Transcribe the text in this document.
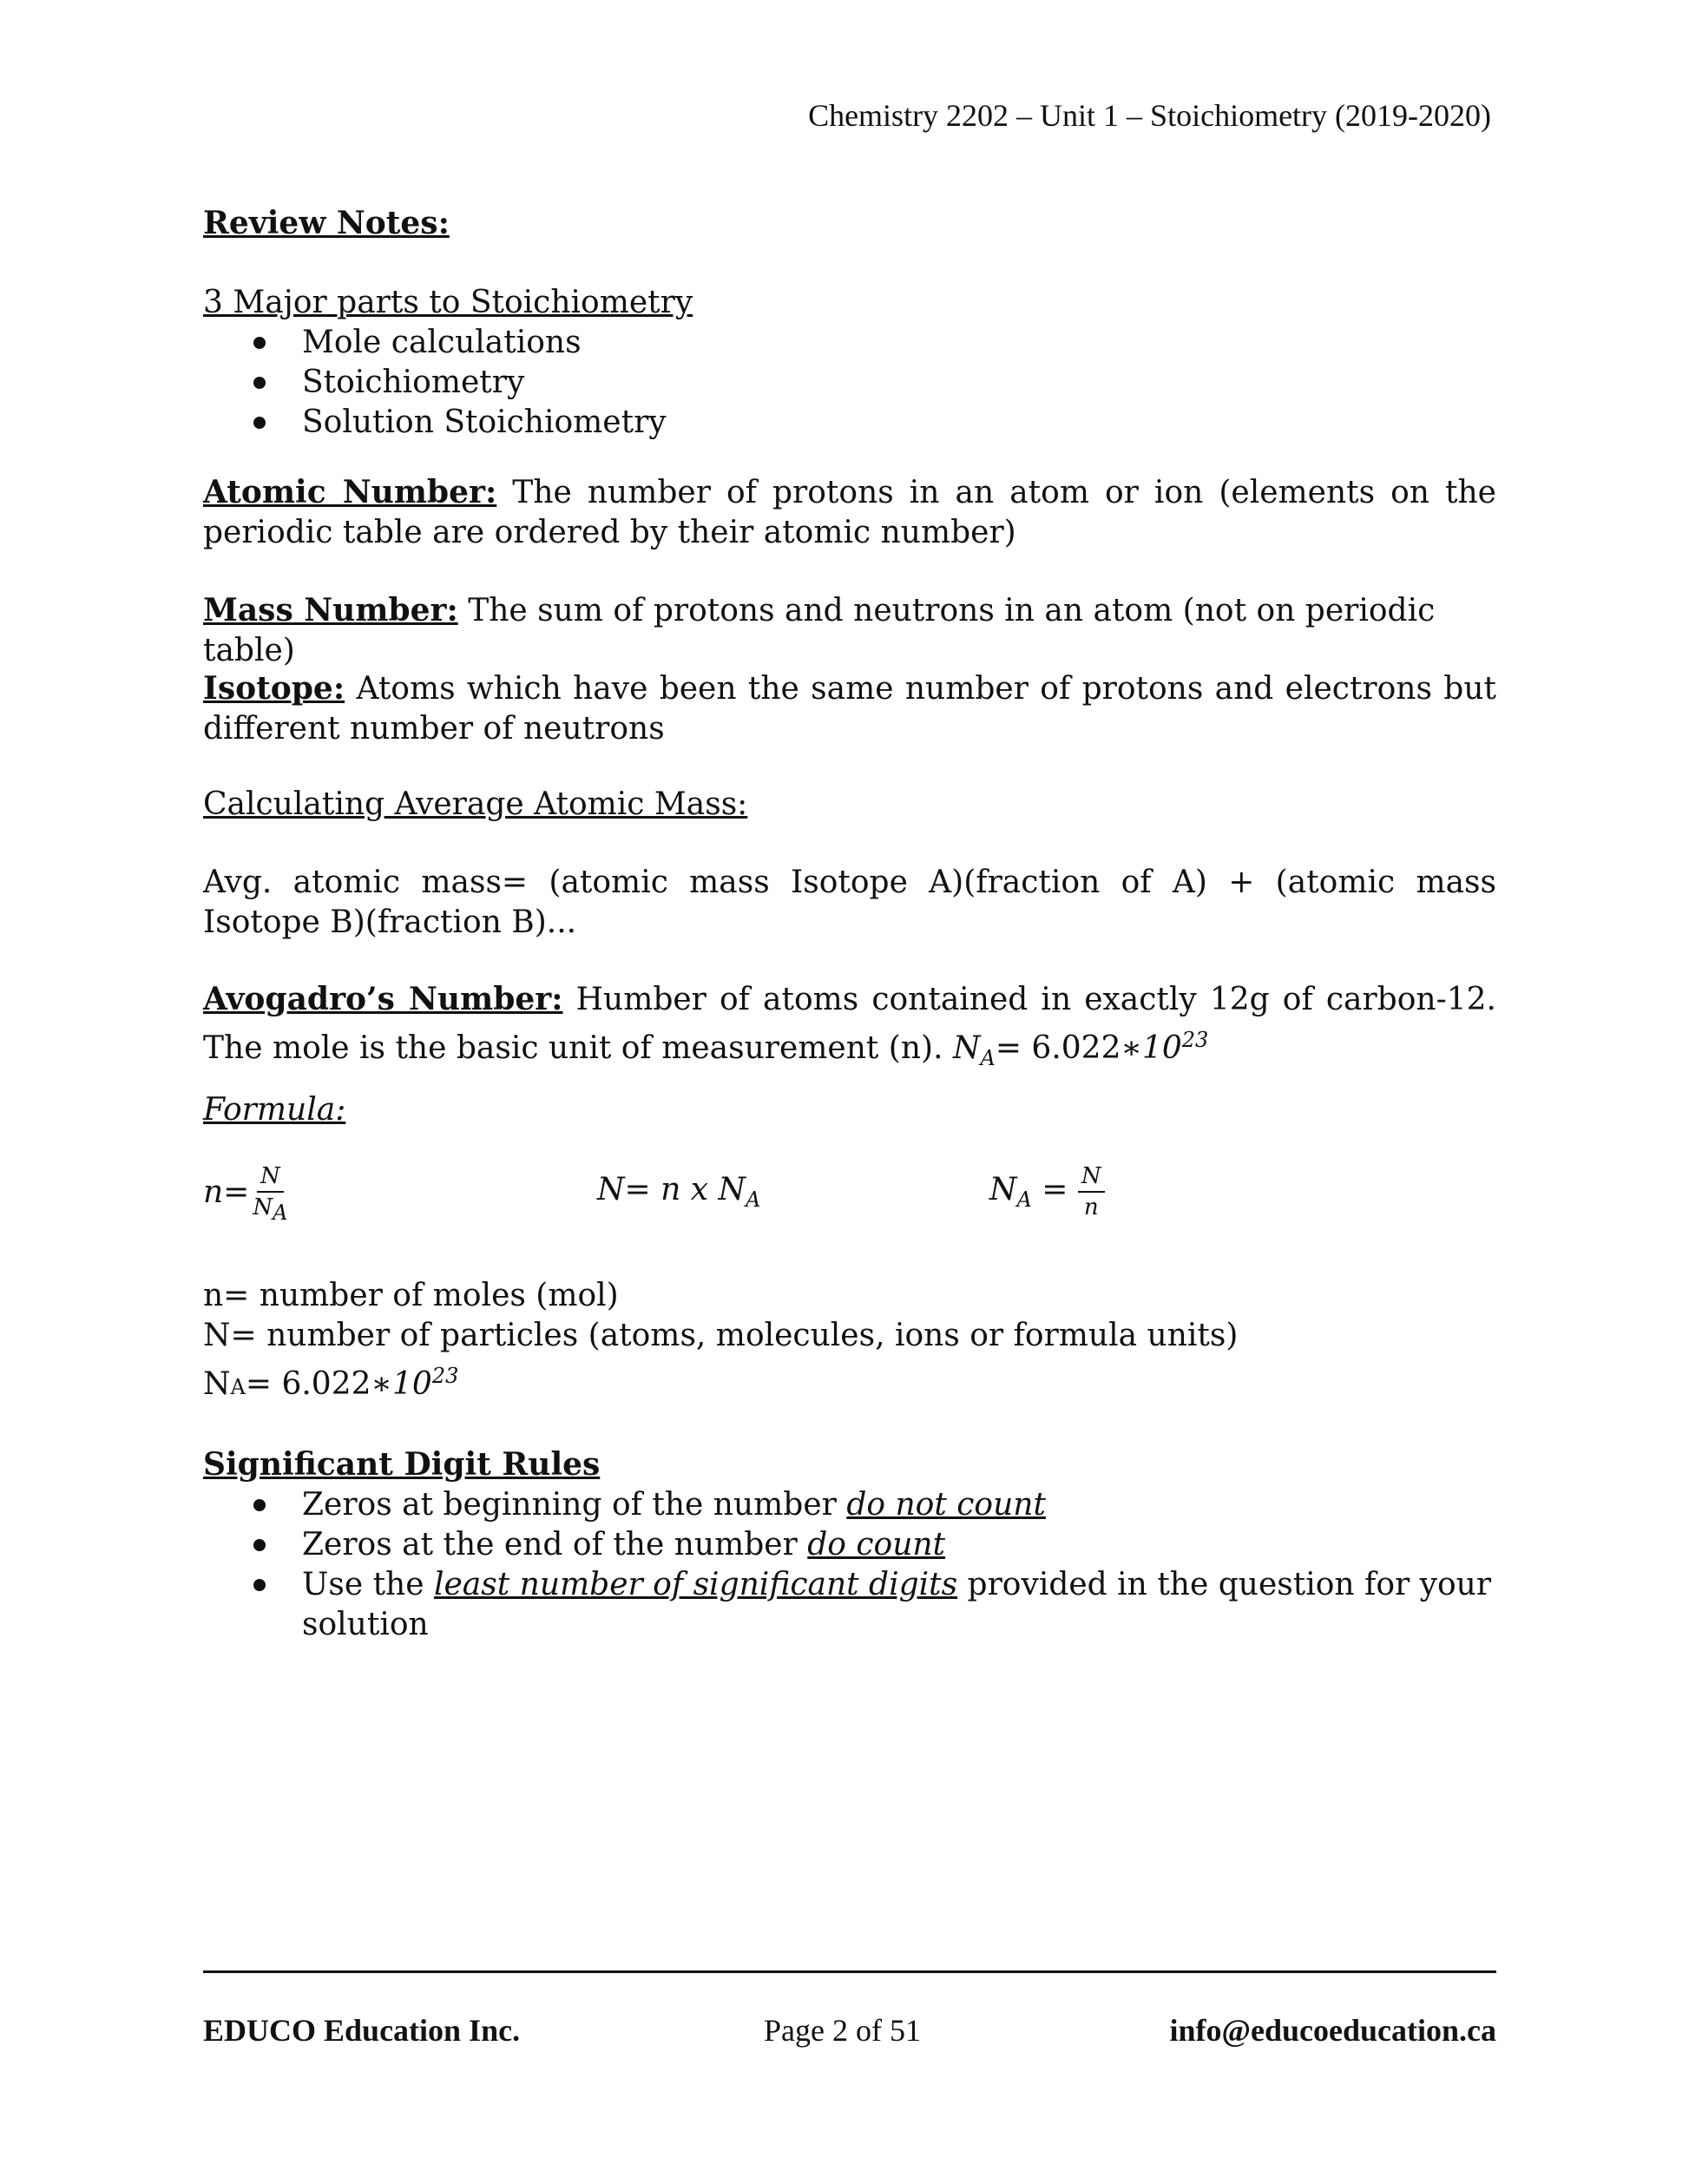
Chemistry 2202 – Unit 1 – Stoichiometry (2019-2020)
Review Notes:
3 Major parts to Stoichiometry
Mole calculations
Stoichiometry
Solution Stoichiometry
Atomic Number: The number of protons in an atom or ion (elements on the periodic table are ordered by their atomic number)
Mass Number: The sum of protons and neutrons in an atom (not on periodic table)
Isotope: Atoms which have been the same number of protons and electrons but different number of neutrons
Calculating Average Atomic Mass:
Avg. atomic mass= (atomic mass Isotope A)(fraction of A) + (atomic mass Isotope B)(fraction B)...
Avogadro’s Number: Humber of atoms contained in exactly 12g of carbon-12. The mole is the basic unit of measurement (n). $N_A=$ $6.022∗10^{23}$
Formula:
$n= \frac{N}{N_A}$	N= n x $N_A$	$N_A = \frac{N}{n}$
n= number of moles (mol)
N= number of particles (atoms, molecules, ions or formula units)
$NA= 6.022∗10^{23}$
Significant Digit Rules
Zeros at beginning of the number do not count
Zeros at the end of the number do count
Use the least number of significant digits provided in the question for your solution
EDUCO Education Inc.	Page 2 of 51	info@educoeducation.ca
